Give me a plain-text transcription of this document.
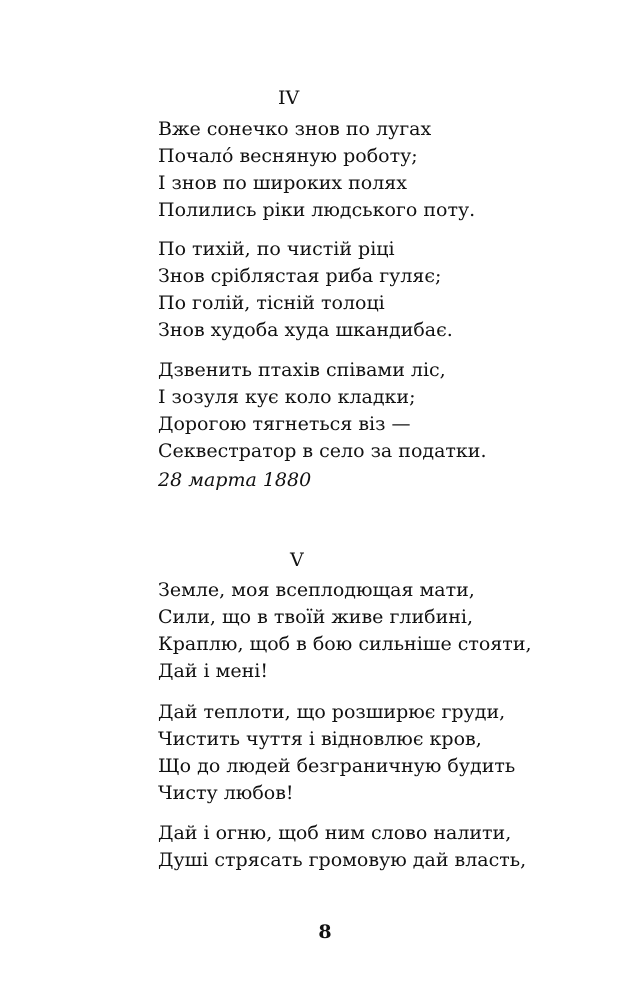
IV
Вже сонечко знов по лугах
Почало́ весняную роботу;
І знов по широких полях
Полились ріки людського поту.
По тихій, по чистій ріці
Знов сріблястая риба гуляє;
По голій, тісній толоці
Знов худоба худа шкандибає.
Дзвенить птахів співами ліс,
І зозуля кує коло кладки;
Дорогою тягнеться віз —
Секвестратор в село за податки.
28 марта 1880
V
Земле, моя всеплодющая мати,
Сили, що в твоїй живе глибині,
Краплю, щоб в бою сильніше стояти,
Дай і мені!
Дай теплоти, що розширює груди,
Чистить чуття і відновлює кров,
Що до людей безграничную будить
Чисту любов!
Дай і огню, щоб ним слово налити,
Душі стрясать громовую дай власть,
8
